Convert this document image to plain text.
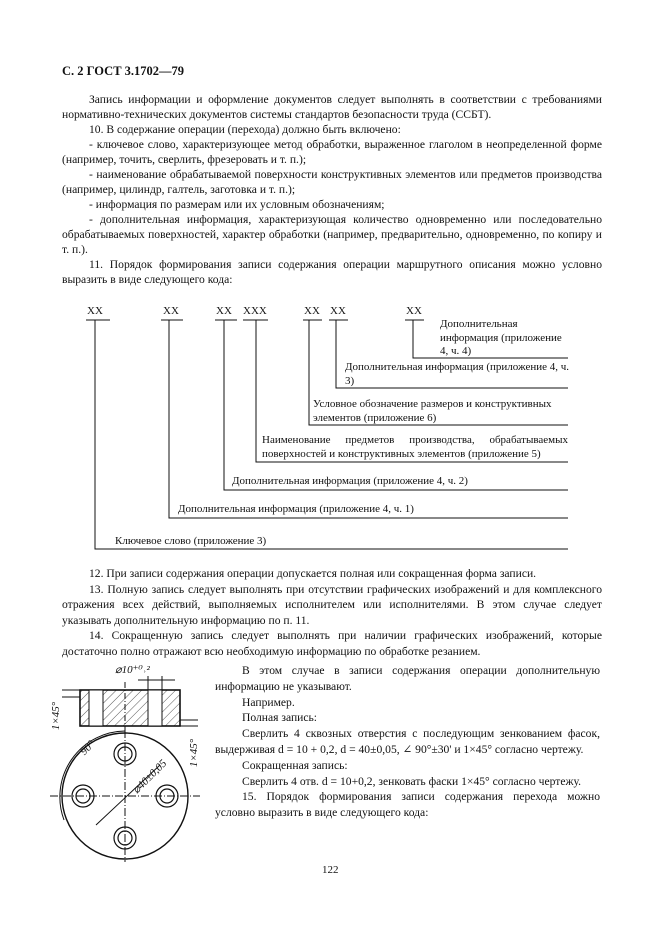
С. 2 ГОСТ 3.1702—79
Запись информации и оформление документов следует выполнять в соответствии с требованиями нормативно-технических документов системы стандартов безопасности труда (ССБТ).
10. В содержание операции (перехода) должно быть включено:
- ключевое слово, характеризующее метод обработки, выраженное глаголом в неопределенной форме (например, точить, сверлить, фрезеровать и т. п.);
- наименование обрабатываемой поверхности конструктивных элементов или предметов производства (например, цилиндр, галтель, заготовка и т. п.);
- информация по размерам или их условным обозначениям;
- дополнительная информация, характеризующая количество одновременно или последовательно обрабатываемых поверхностей, характер обработки (например, предварительно, одновременно, по копиру и т. п.).
11. Порядок формирования записи содержания операции маршрутного описания можно условно выразить в виде следующего кода:
XX	XX	XX XXX	XX XX	XX
Ключевое слово (приложение 3)
Дополнительная информация (приложение 4, ч. 1)
Дополнительная информация (приложение 4, ч. 2)
Наименование предметов производства, обрабатываемых поверхностей и конструктивных элементов (приложение 5)
Условное обозначение размеров и конструктивных элементов (приложение 6)
Дополнительная информация (приложение 4, ч. 3)
Дополнительная информация (приложение 4, ч. 4)
12. При записи содержания операции допускается полная или сокращенная форма записи.
13. Полную запись следует выполнять при отсутствии графических изображений и для комплексного отражения всех действий, выполняемых исполнителем или исполнителями. В этом случае следует указывать дополнительную информацию по п. 11.
14. Сокращенную запись следует выполнять при наличии графических изображений, которые достаточно полно отражают всю необходимую информацию по обработке резанием.
⌀10⁺⁰˒²
1×45°
1×45°
90°
⌀40±0,05
В этом случае в записи содержания операции дополнительную информацию не указывают.
Например.
Полная запись:
Сверлить 4 сквозных отверстия с последующим зенкованием фасок, выдерживая d = 10 + 0,2, d = 40±0,05, ∠ 90°±30' и 1×45° согласно чертежу.
Сокращенная запись:
Сверлить 4 отв. d = 10+0,2, зенковать фаски 1×45° согласно чертежу.
15. Порядок формирования записи содержания перехода можно условно выразить в виде следующего кода:
122
